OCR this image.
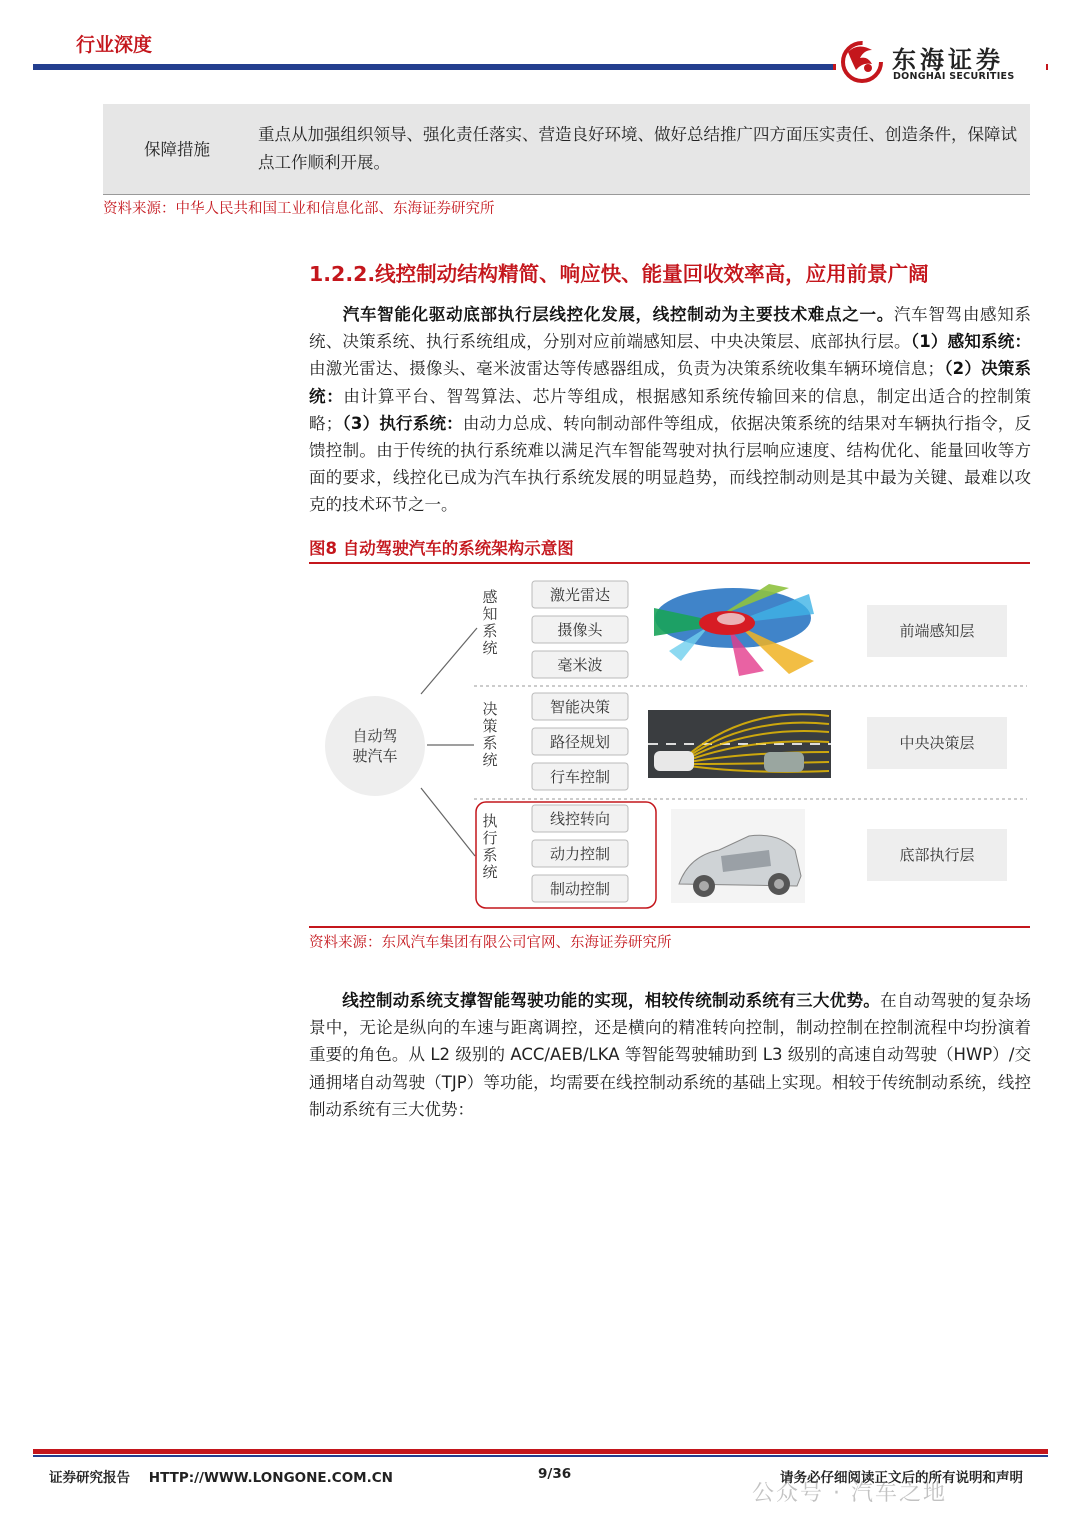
行业深度
东海证券
DONGHAI SECURITIES
保障措施
重点从加强组织领导、强化责任落实、营造良好环境、做好总结推广四方面压实责任、创造条件，保障试点工作顺利开展。
资料来源：中华人民共和国工业和信息化部、东海证券研究所
1.2.2.线控制动结构精简、响应快、能量回收效率高，应用前景广阔
汽车智能化驱动底部执行层线控化发展，线控制动为主要技术难点之一。汽车智驾由感知系统、决策系统、执行系统组成，分别对应前端感知层、中央决策层、底部执行层。（1）感知系统：由激光雷达、摄像头、毫米波雷达等传感器组成，负责为决策系统收集车辆环境信息；（2）决策系统：由计算平台、智驾算法、芯片等组成，根据感知系统传输回来的信息，制定出适合的控制策略；（3）执行系统：由动力总成、转向制动部件等组成，依据决策系统的结果对车辆执行指令，反馈控制。由于传统的执行系统难以满足汽车智能驾驶对执行层响应速度、结构优化、能量回收等方面的要求，线控化已成为汽车执行系统发展的明显趋势，而线控制动则是其中最为关键、最难以攻克的技术环节之一。
图8 自动驾驶汽车的系统架构示意图
自动驾
驶汽车
感
知
系
统
决
策
系
统
执
行
系
统
激光雷达
摄像头
毫米波
智能决策
路径规划
行车控制
线控转向
动力控制
制动控制
前端感知层
中央决策层
底部执行层
资料来源：东风汽车集团有限公司官网、东海证券研究所
线控制动系统支撑智能驾驶功能的实现，相较传统制动系统有三大优势。在自动驾驶的复杂场景中，无论是纵向的车速与距离调控，还是横向的精准转向控制，制动控制在控制流程中均扮演着重要的角色。从 L2 级别的 ACC/AEB/LKA 等智能驾驶辅助到 L3 级别的高速自动驾驶（HWP）/交通拥堵自动驾驶（TJP）等功能，均需要在线控制动系统的基础上实现。相较于传统制动系统，线控制动系统有三大优势：
证券研究报告    HTTP://WWW.LONGONE.COM.CN	9/36	请务必仔细阅读正文后的所有说明和声明
公众号 · 汽车之地
